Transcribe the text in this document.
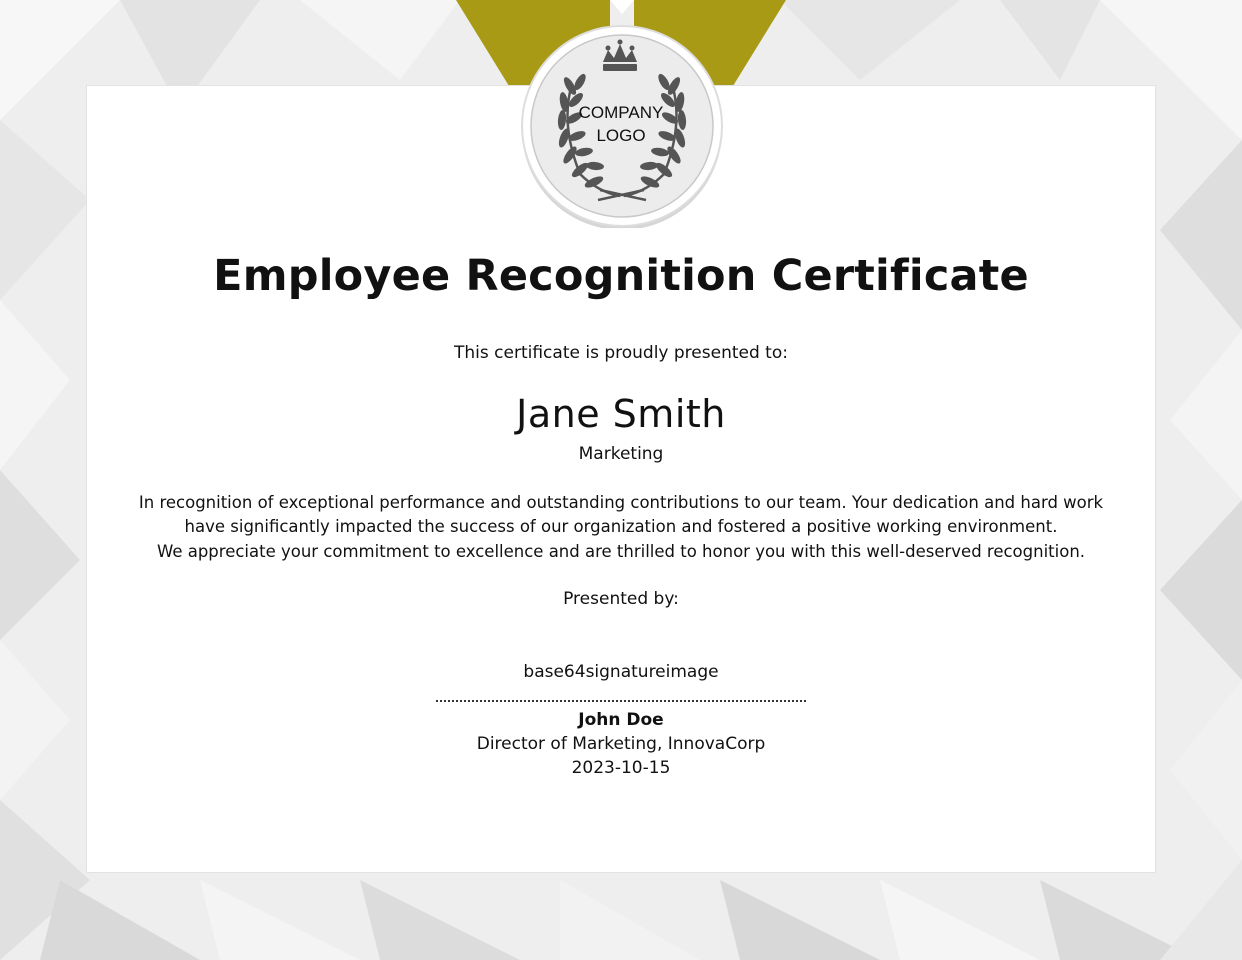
COMPANY
LOGO
Employee Recognition Certificate
This certificate is proudly presented to:
Jane Smith
Marketing
In recognition of exceptional performance and outstanding contributions to our team. Your dedication and hard work
have significantly impacted the success of our organization and fostered a positive working environment.
We appreciate your commitment to excellence and are thrilled to honor you with this well-deserved recognition.
Presented by:
base64signatureimage
John Doe
Director of Marketing, InnovaCorp
2023-10-15
